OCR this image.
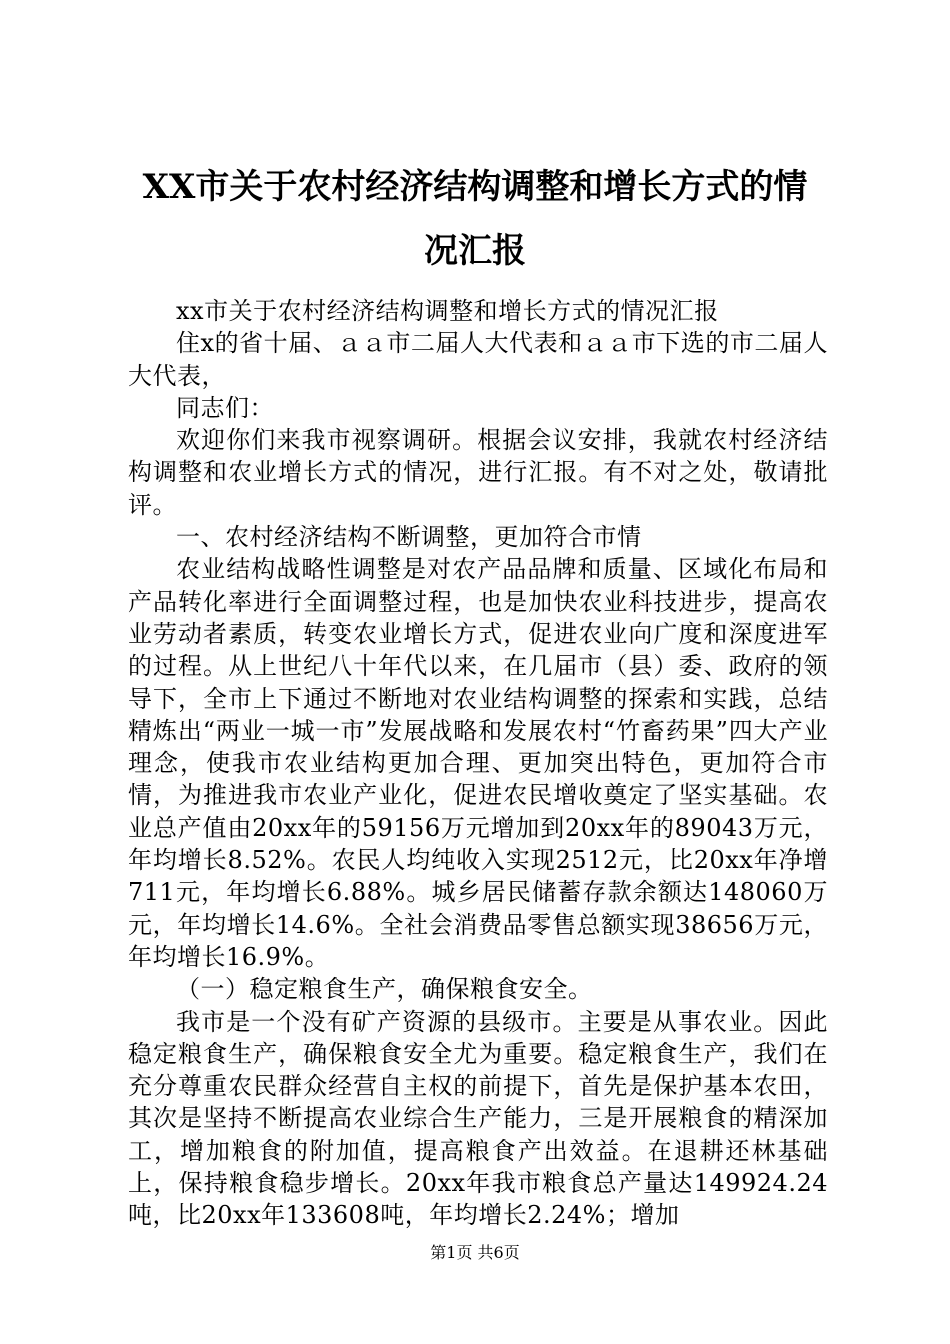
XX市关于农村经济结构调整和增长方式的情况汇报

xx市关于农村经济结构调整和增长方式的情况汇报

住x的省十届、ａａ市二届人大代表和ａａ市下选的市二届人大代表，

同志们：

欢迎你们来我市视察调研。根据会议安排，我就农村经济结构调整和农业增长方式的情况，进行汇报。有不对之处，敬请批评。

一、农村经济结构不断调整，更加符合市情

农业结构战略性调整是对农产品品牌和质量、区域化布局和产品转化率进行全面调整过程，也是加快农业科技进步，提高农业劳动者素质，转变农业增长方式，促进农业向广度和深度进军的过程。从上世纪八十年代以来，在几届市（县）委、政府的领导下，全市上下通过不断地对农业结构调整的探索和实践，总结精炼出“两业一城一市”发展战略和发展农村“竹畜药果”四大产业理念，使我市农业结构更加合理、更加突出特色，更加符合市情，为推进我市农业产业化，促进农民增收奠定了坚实基础。农业总产值由20xx年的59156万元增加到20xx年的89043万元，年均增长8.52%。农民人均纯收入实现2512元，比20xx年净增711元，年均增长6.88%。城乡居民储蓄存款余额达148060万元，年均增长14.6%。全社会消费品零售总额实现38656万元，年均增长16.9%。

（一）稳定粮食生产，确保粮食安全。

我市是一个没有矿产资源的县级市。主要是从事农业。因此稳定粮食生产，确保粮食安全尤为重要。稳定粮食生产，我们在充分尊重农民群众经营自主权的前提下，首先是保护基本农田，其次是坚持不断提高农业综合生产能力，三是开展粮食的精深加工，增加粮食的附加值，提高粮食产出效益。在退耕还林基础上，保持粮食稳步增长。20xx年我市粮食总产量达149924.24吨，比20xx年133608吨，年均增长2.24%；增加

第1页 共6页
